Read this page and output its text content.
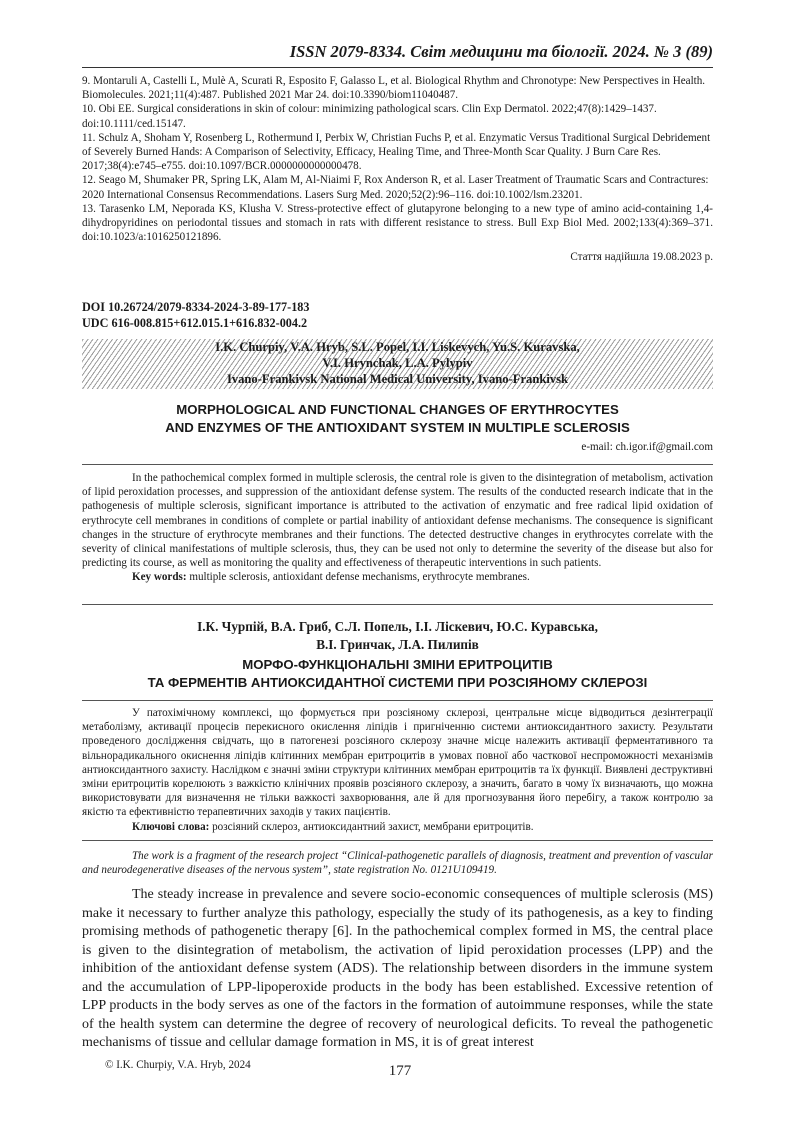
ISSN 2079-8334. Світ медицини та біології. 2024. № 3 (89)

9. Montaruli A, Castelli L, Mulè A, Scurati R, Esposito F, Galasso L, et al. Biological Rhythm and Chronotype: New Perspectives in Health. Biomolecules. 2021;11(4):487. Published 2021 Mar 24. doi:10.3390/biom11040487.

10. Obi EE. Surgical considerations in skin of colour: minimizing pathological scars. Clin Exp Dermatol. 2022;47(8):1429–1437. doi:10.1111/ced.15147.

11. Schulz A, Shoham Y, Rosenberg L, Rothermund I, Perbix W, Christian Fuchs P, et al. Enzymatic Versus Traditional Surgical Debridement of Severely Burned Hands: A Comparison of Selectivity, Efficacy, Healing Time, and Three-Month Scar Quality. J Burn Care Res. 2017;38(4):e745–e755. doi:10.1097/BCR.0000000000000478.

12. Seago M, Shumaker PR, Spring LK, Alam M, Al-Niaimi F, Rox Anderson R, et al. Laser Treatment of Traumatic Scars and Contractures: 2020 International Consensus Recommendations. Lasers Surg Med. 2020;52(2):96–116. doi:10.1002/lsm.23201.

13. Tarasenko LM, Neporada KS, Klusha V. Stress-protective effect of glutapyrone belonging to a new type of amino acid-containing 1,4-dihydropyridines on periodontal tissues and stomach in rats with different resistance to stress. Bull Exp Biol Med. 2002;133(4):369–371. doi:10.1023/a:1016250121896.

Стаття надійшла 19.08.2023 р.
DOI 10.26724/2079-8334-2024-3-89-177-183
UDC 616-008.815+612.015.1+616.832-004.2
I.K. Churpiy, V.A. Hryb, S.L. Popel, I.I. Liskevych, Yu.S. Kuravska,
V.I. Hrynchak, L.A. Pylypiv
Ivano-Frankivsk National Medical University, Ivano-Frankivsk
MORPHOLOGICAL AND FUNCTIONAL CHANGES OF ERYTHROCYTES
AND ENZYMES OF THE ANTIOXIDANT SYSTEM IN MULTIPLE SCLEROSIS
e-mail: ch.igor.if@gmail.com

In the pathochemical complex formed in multiple sclerosis, the central role is given to the disintegration of metabolism, activation of lipid peroxidation processes, and suppression of the antioxidant defense system. The results of the conducted research indicate that in the pathogenesis of multiple sclerosis, significant importance is attributed to the activation of enzymatic and free radical lipid oxidation of erythrocyte cell membranes in conditions of complete or partial inability of antioxidant defense mechanisms. The consequence is significant changes in the structure of erythrocyte membranes and their functions. The detected destructive changes in erythrocytes correlate with the severity of clinical manifestations of multiple sclerosis, thus, they can be used not only to determine the severity of the disease but also for predicting its course, as well as monitoring the quality and effectiveness of therapeutic interventions in such patients.

Key words: multiple sclerosis, antioxidant defense mechanisms, erythrocyte membranes.

І.К. Чурпій, В.А. Гриб, С.Л. Попель, І.І. Лiскевич, Ю.С. Куравська,
В.І. Гринчак, Л.А. Пилипів
МОРФО-ФУНКЦІОНАЛЬНІ ЗМІНИ ЕРИТРОЦИТІВ
ТА ФЕРМЕНТІВ АНТИОКСИДАНТНОЇ СИСТЕМИ ПРИ РОЗСІЯНОМУ СКЛЕРОЗІ

У патохімічному комплексі, що формується при розсіяному склерозі, центральне місце відводиться дезінтеграції метаболізму, активації процесів перекисного окислення ліпідів і пригніченню системи антиоксидантного захисту. Результати проведеного дослідження свідчать, що в патогенезі розсіяного склерозу значне місце належить активації ферментативного та вільнорадикального окиснення ліпідів клітинних мембран еритроцитів в умовах повної або часткової неспроможності механізмів антиоксидантного захисту. Наслідком є значні зміни структури клітинних мембран еритроцитів та їх функції. Виявлені деструктивні зміни еритроцитів корелюють з важкістю клінічних проявів розсіяного склерозу, а значить, багато в чому їх визначають, що можна використовувати для визначення не тільки важкості захворювання, але й для прогнозування його перебігу, а також контролю за якістю та ефективністю терапевтичних заходів у таких пацієнтів.

Ключові слова: розсіяний склероз, антиоксидантний захист, мембрани еритроцитів.

The work is a fragment of the research project “Clinical-pathogenetic parallels of diagnosis, treatment and prevention of vascular and neurodegenerative diseases of the nervous system”, state registration No. 0121U109419.
The steady increase in prevalence and severe socio-economic consequences of multiple sclerosis (MS) make it necessary to further analyze this pathology, especially the study of its pathogenesis, as a key to finding promising methods of pathogenetic therapy [6]. In the pathochemical complex formed in MS, the central place is given to the disintegration of metabolism, the activation of lipid peroxidation processes (LPP) and the inhibition of the antioxidant defense system (ADS). The relationship between disorders in the immune system and the accumulation of LPP-lipoperoxide products in the body has been established. Excessive retention of LPP products in the body serves as one of the factors in the formation of autoimmune responses, while the state of the health system can determine the degree of recovery of neurological deficits. To reveal the pathogenetic mechanisms of tissue and cellular damage formation in MS, it is of great interest
© I.K. Churpiy, V.A. Hryb, 2024	177
